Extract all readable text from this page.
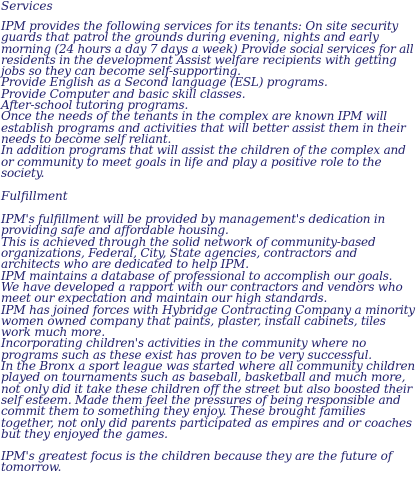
Services

IPM provides the following services for its tenants: On site security guards that patrol the grounds during evening, nights and early morning (24 hours a day 7 days a week) Provide social services for all residents in the development Assist welfare recipients with getting jobs so they can become self-supporting.

Provide English as a Second language (ESL) programs.

Provide Computer and basic skill classes.

After-school tutoring programs.

Once the needs of the tenants in the complex are known IPM will establish programs and activities that will better assist them in their needs to become self reliant.

In addition programs that will assist the children of the complex and or community to meet goals in life and play a positive role to the society.

Fulfillment

IPM's fulfillment will be provided by management's dedication in providing safe and affordable housing.

This is achieved through the solid network of community-based organizations, Federal, City, State agencies, contractors and architects who are dedicated to help IPM.

IPM maintains a database of professional to accomplish our goals.

We have developed a rapport with our contractors and vendors who meet our expectation and maintain our high standards.

IPM has joined forces with Hybridge Contracting Company a minority women owned company that paints, plaster, install cabinets, tiles work much more.

Incorporating children's activities in the community where no programs such as these exist has proven to be very successful.

In the Bronx a sport league was started where all community children played on tournaments such as baseball, basketball and much more, not only did it take these children off the street but also boosted their self esteem. Made them feel the pressures of being responsible and commit them to something they enjoy. These brought families together, not only did parents participated as empires and or coaches but they enjoyed the games.

IPM's greatest focus is the children because they are the future of tomorrow.
